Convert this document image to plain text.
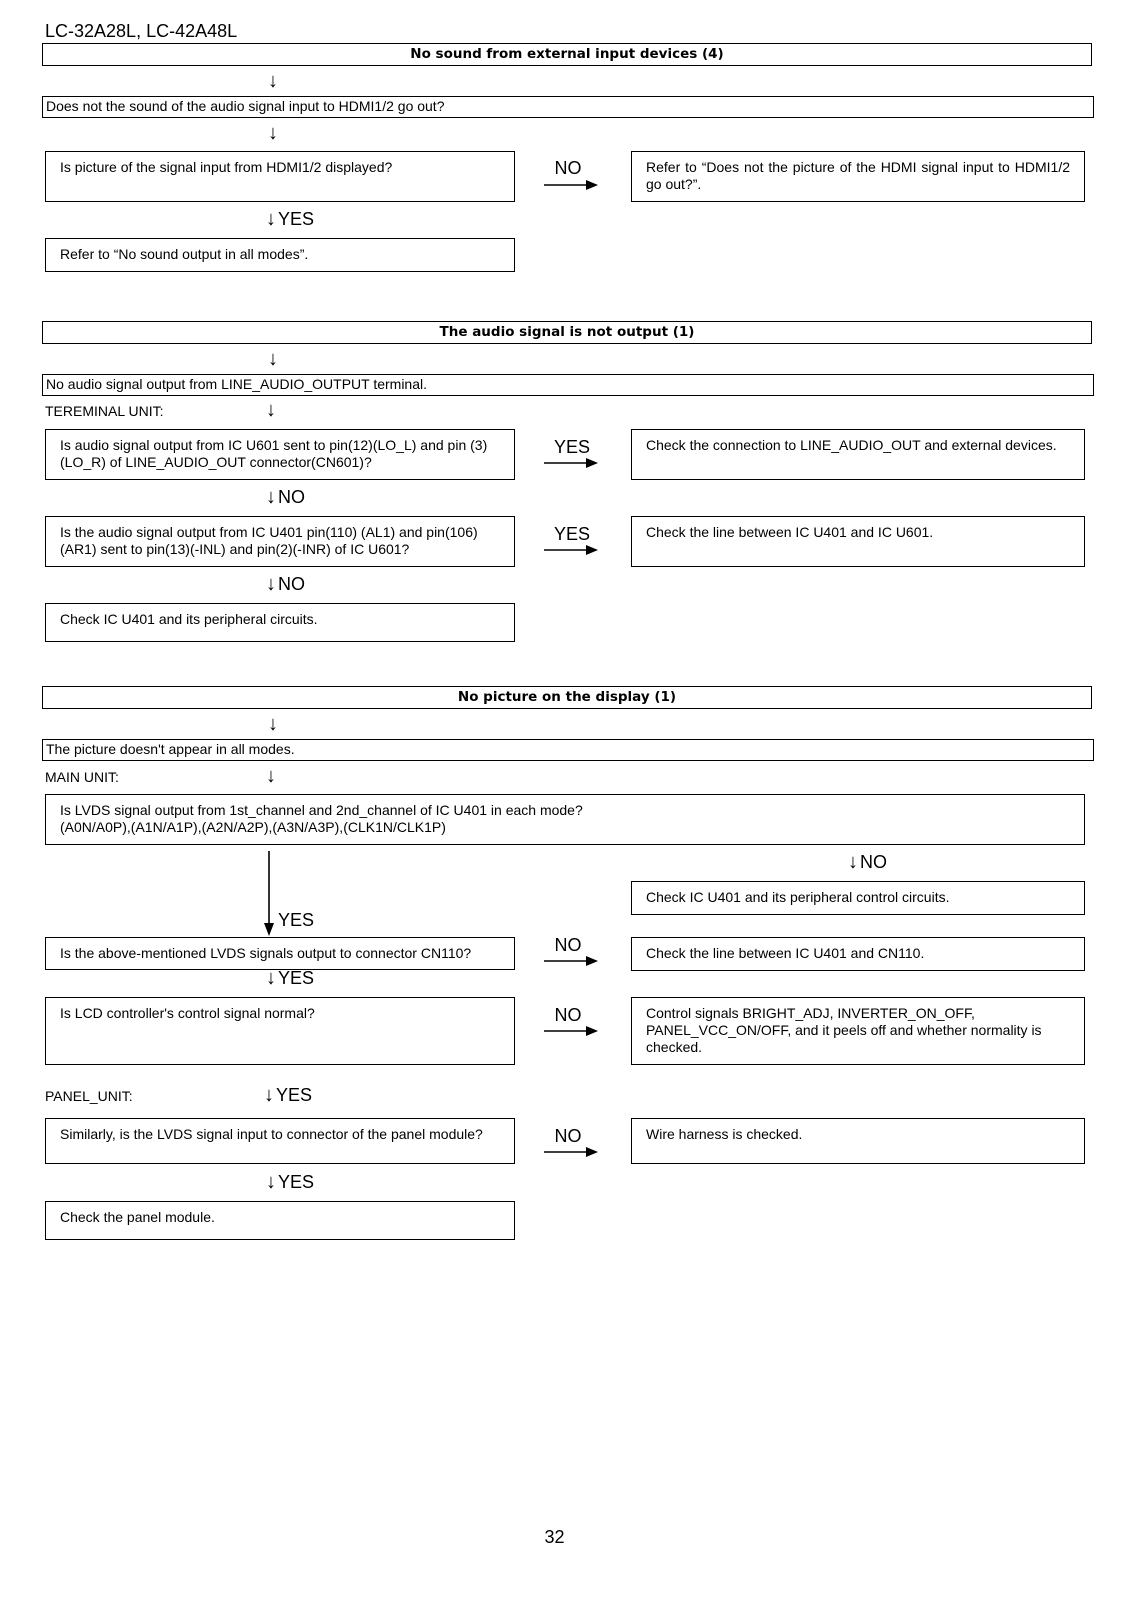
LC-32A28L, LC-42A48L
No sound from external input devices (4)
↓
Does not the sound of the audio signal input to HDMI1/2 go out?
↓
Is picture of the signal input from HDMI1/2 displayed?	NO	Refer to “Does not the picture of the HDMI signal input to HDMI1/2 go out?”.
↓ YES
Refer to “No sound output in all modes”.
The audio signal is not output (1)
↓
No audio signal output from LINE_AUDIO_OUTPUT terminal.
TEREMINAL UNIT:	↓
Is audio signal output from IC U601 sent to pin(12)(LO_L) and pin (3)(LO_R) of LINE_AUDIO_OUT connector(CN601)?
YES	Check the connection to LINE_AUDIO_OUT and external devices.
↓ NO
Is the audio signal output from IC U401 pin(110) (AL1) and pin(106) (AR1) sent to pin(13)(-INL) and pin(2)(-INR) of IC U601?
YES	Check the line between IC U401 and IC U601.
↓ NO
Check IC U401 and its peripheral circuits.
No picture on the display (1)
↓
The picture doesn't appear in all modes.
MAIN UNIT:	↓
Is LVDS signal output from 1st_channel and 2nd_channel of IC U401 in each mode?
(A0N/A0P),(A1N/A1P),(A2N/A2P),(A3N/A3P),(CLK1N/CLK1P)
YES
↓ NO
Check IC U401 and its peripheral control circuits.
Is the above-mentioned LVDS signals output to connector CN110?	NO	Check the line between IC U401 and CN110.
↓ YES
Is LCD controller's control signal normal?	NO	Control signals BRIGHT_ADJ, INVERTER_ON_OFF, PANEL_VCC_ON/OFF, and it peels off and whether normality is checked.
PANEL_UNIT:	↓ YES
Similarly, is the LVDS signal input to connector of the panel module?	NO	Wire harness is checked.
↓ YES
Check the panel module.
32
